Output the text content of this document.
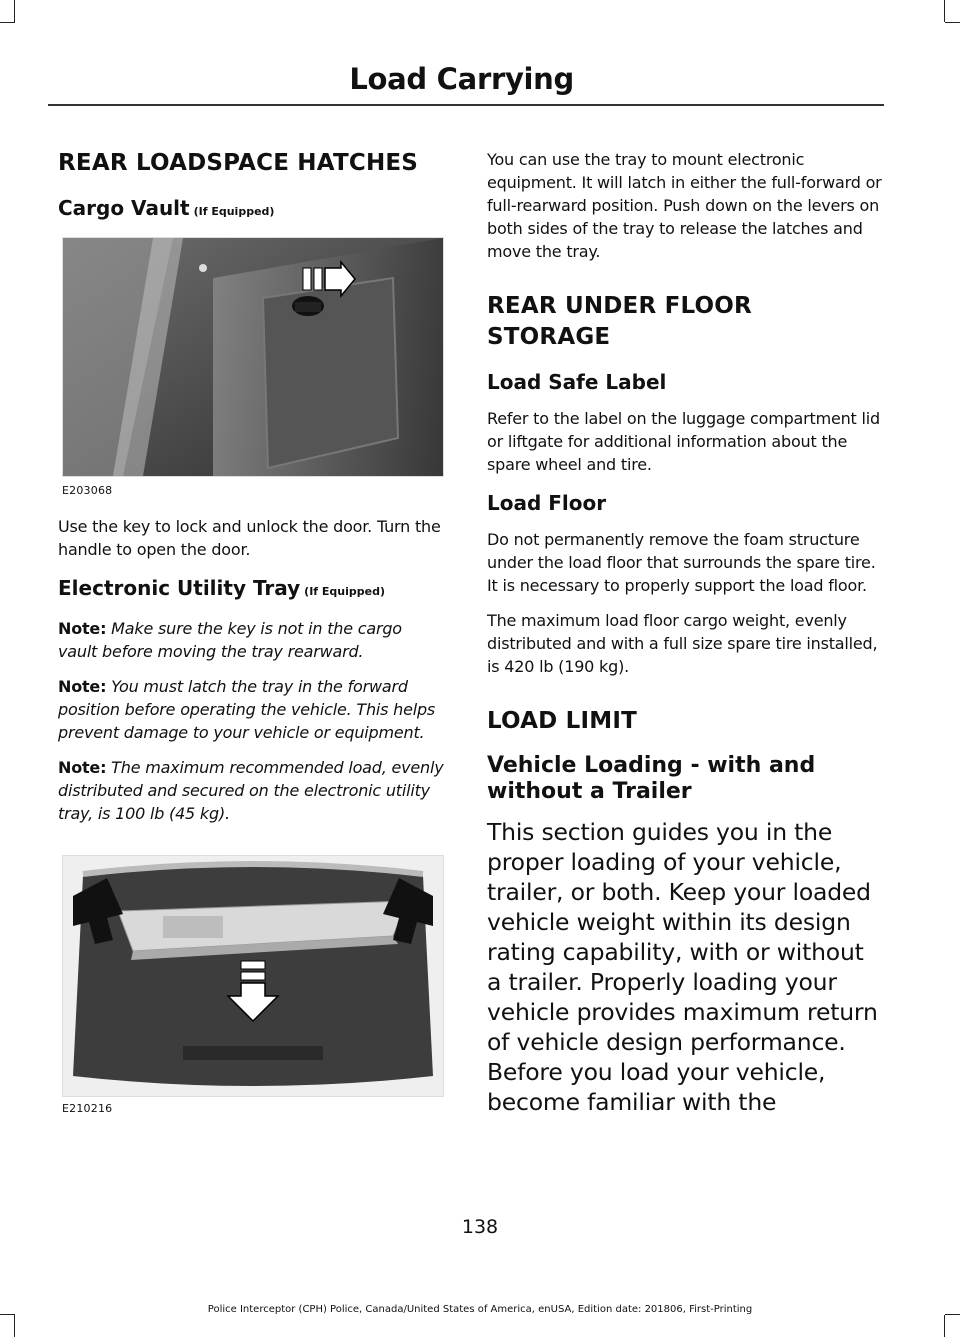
Load Carrying
REAR LOADSPACE HATCHES
Cargo Vault (If Equipped)
E203068

Use the key to lock and unlock the door. Turn the handle to open the door.

Electronic Utility Tray (If Equipped)

Note: Make sure the key is not in the cargo vault before moving the tray rearward.

Note: You must latch the tray in the forward position before operating the vehicle. This helps prevent damage to your vehicle or equipment.

Note: The maximum recommended load, evenly distributed and secured on the electronic utility tray, is 100 lb (45 kg).

E210216

You can use the tray to mount electronic equipment. It will latch in either the full-forward or full-rearward position. Push down on the levers on both sides of the tray to release the latches and move the tray.

REAR UNDER FLOOR STORAGE
Load Safe Label

Refer to the label on the luggage compartment lid or liftgate for additional information about the spare wheel and tire.

Load Floor

Do not permanently remove the foam structure under the load floor that surrounds the spare tire. It is necessary to properly support the load floor.

The maximum load floor cargo weight, evenly distributed and with a full size spare tire installed, is 420 lb (190 kg).

LOAD LIMIT
Vehicle Loading - with and without a Trailer

This section guides you in the proper loading of your vehicle, trailer, or both. Keep your loaded vehicle weight within its design rating capability, with or without a trailer. Properly loading your vehicle provides maximum return of vehicle design performance. Before you load your vehicle, become familiar with the

138
Police Interceptor (CPH) Police, Canada/United States of America, enUSA, Edition date: 201806, First-Printing
